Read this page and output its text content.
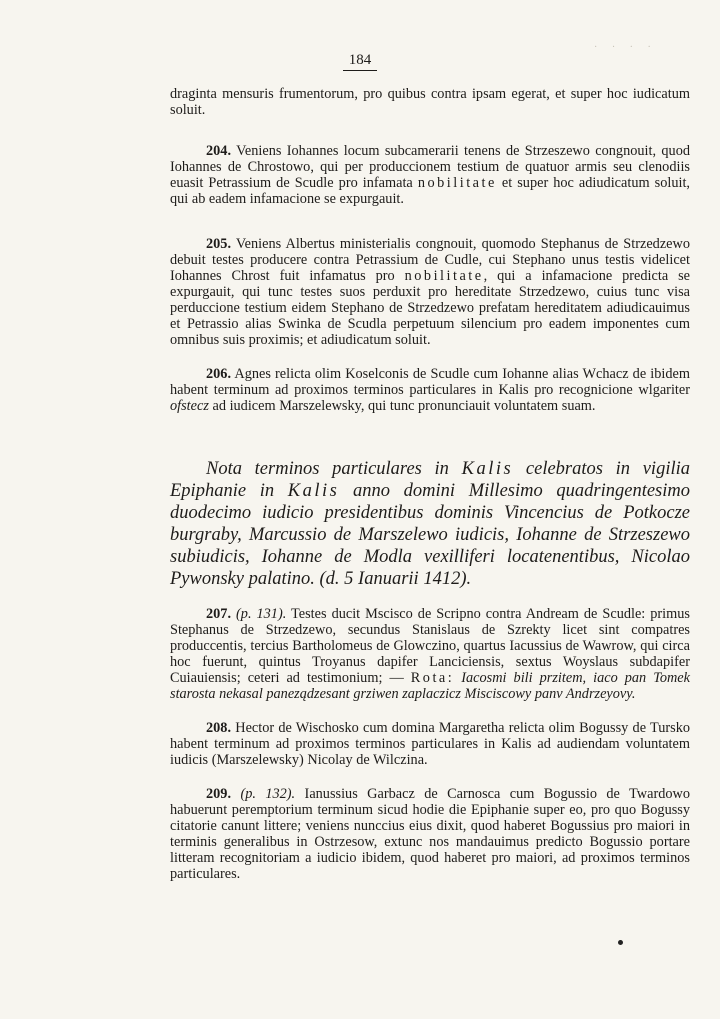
· · · ·
184

draginta mensuris frumentorum, pro quibus contra ipsam egerat, et super hoc iudicatum soluit.

204. Veniens Iohannes locum subcamerarii tenens de Strzeszewo congnouit, quod Iohannes de Chrostowo, qui per produccionem testium de quatuor armis seu clenodiis euasit Petrassium de Scudle pro infamata nobilitate et super hoc adiudicatum soluit, qui ab eadem infamacione se expurgauit.

205. Veniens Albertus ministerialis congnouit, quomodo Stephanus de Strzedzewo debuit testes producere contra Petrassium de Cudle, cui Stephano unus testis videlicet Iohannes Chrost fuit infamatus pro nobilitate, qui a infamacione predicta se expurgauit, qui tunc testes suos perduxit pro hereditate Strzedzewo, cuius tunc visa perduccione testium eidem Stephano de Strzedzewo prefatam hereditatem adiudicauimus et Petrassio alias Swinka de Scudla perpetuum silencium pro eadem imponentes cum omnibus suis proximis; et adiudicatum soluit.

206. Agnes relicta olim Koselconis de Scudle cum Iohanne alias Wchacz de ibidem habent terminum ad proximos terminos particulares in Kalis pro recognicione wlgariter ofstecz ad iudicem Marszelewsky, qui tunc pronunciauit voluntatem suam.

Nota terminos particulares in Kalis celebratos in vigilia Epiphanie in Kalis anno domini Millesimo quadringentesimo duodecimo iudicio presidentibus dominis Vincencius de Potkocze burgraby, Marcussio de Marszelewo iudicis, Iohanne de Strzeszewo subiudicis, Iohanne de Modla vexilliferi locatenentibus, Nicolao Pywonsky palatino. (d. 5 Ianuarii 1412).

207. (p. 131). Testes ducit Mscisco de Scripno contra Andream de Scudle: primus Stephanus de Strzedzewo, secundus Stanislaus de Szrekty licet sint compatres produccentis, tercius Bartholomeus de Glowczino, quartus Iacussius de Wawrow, qui circa hoc fuerunt, quintus Troyanus dapifer Lanciciensis, sextus Woyslaus subdapifer Cuiauiensis; ceteri ad testimonium; — Rota: Iacosmi bili przitem, iaco pan Tomek starosta nekasal paneządzesant grziwen zaplaczicz Misciscowy panv Andrzeyovy.

208. Hector de Wischosko cum domina Margaretha relicta olim Bogussy de Tursko habent terminum ad proximos terminos particulares in Kalis ad audiendam voluntatem iudicis (Marszelewsky) Nicolay de Wilczina.

209. (p. 132). Ianussius Garbacz de Carnosca cum Bogussio de Twardowo habuerunt peremptorium terminum sicud hodie die Epiphanie super eo, pro quo Bogussy citatorie canunt littere; veniens nunccius eius dixit, quod haberet Bogussius pro maiori in terminis generalibus in Ostrzesow, extunc nos mandauimus predicto Bogussio portare litteram recognitoriam a iudicio ibidem, quod haberet pro maiori, ad proximos terminos particulares.
